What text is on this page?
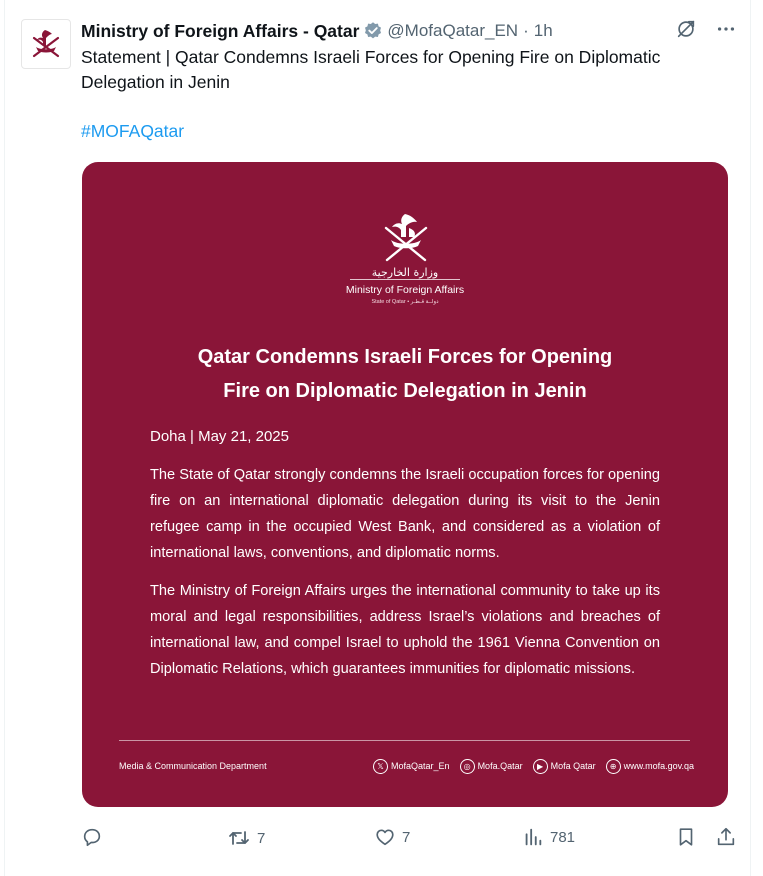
Ministry of Foreign Affairs - Qatar @MofaQatar_EN · 1h
Statement | Qatar Condemns Israeli Forces for Opening Fire on Diplomatic Delegation in Jenin
#MOFAQatar
وزارة الخارجية
Ministry of Foreign Affairs
State of Qatar • دولــة قـطـر
Qatar Condemns Israeli Forces for Opening
Fire on Diplomatic Delegation in Jenin
Doha | May 21, 2025
The State of Qatar strongly condemns the Israeli occupation forces for opening fire on an international diplomatic delegation during its visit to the Jenin refugee camp in the occupied West Bank, and considered as a violation of international laws, conventions, and diplomatic norms.
The Ministry of Foreign Affairs urges the international community to take up its moral and legal responsibilities, address Israel’s violations and breaches of international law, and compel Israel to uphold the 1961 Vienna Convention on Diplomatic Relations, which guarantees immunities for diplomatic missions.
Media & Communication Department	𝕏 MofaQatar_En	◎ Mofa.Qatar	▶ Mofa Qatar	⊕ www.mofa.gov.qa
7	7	781
